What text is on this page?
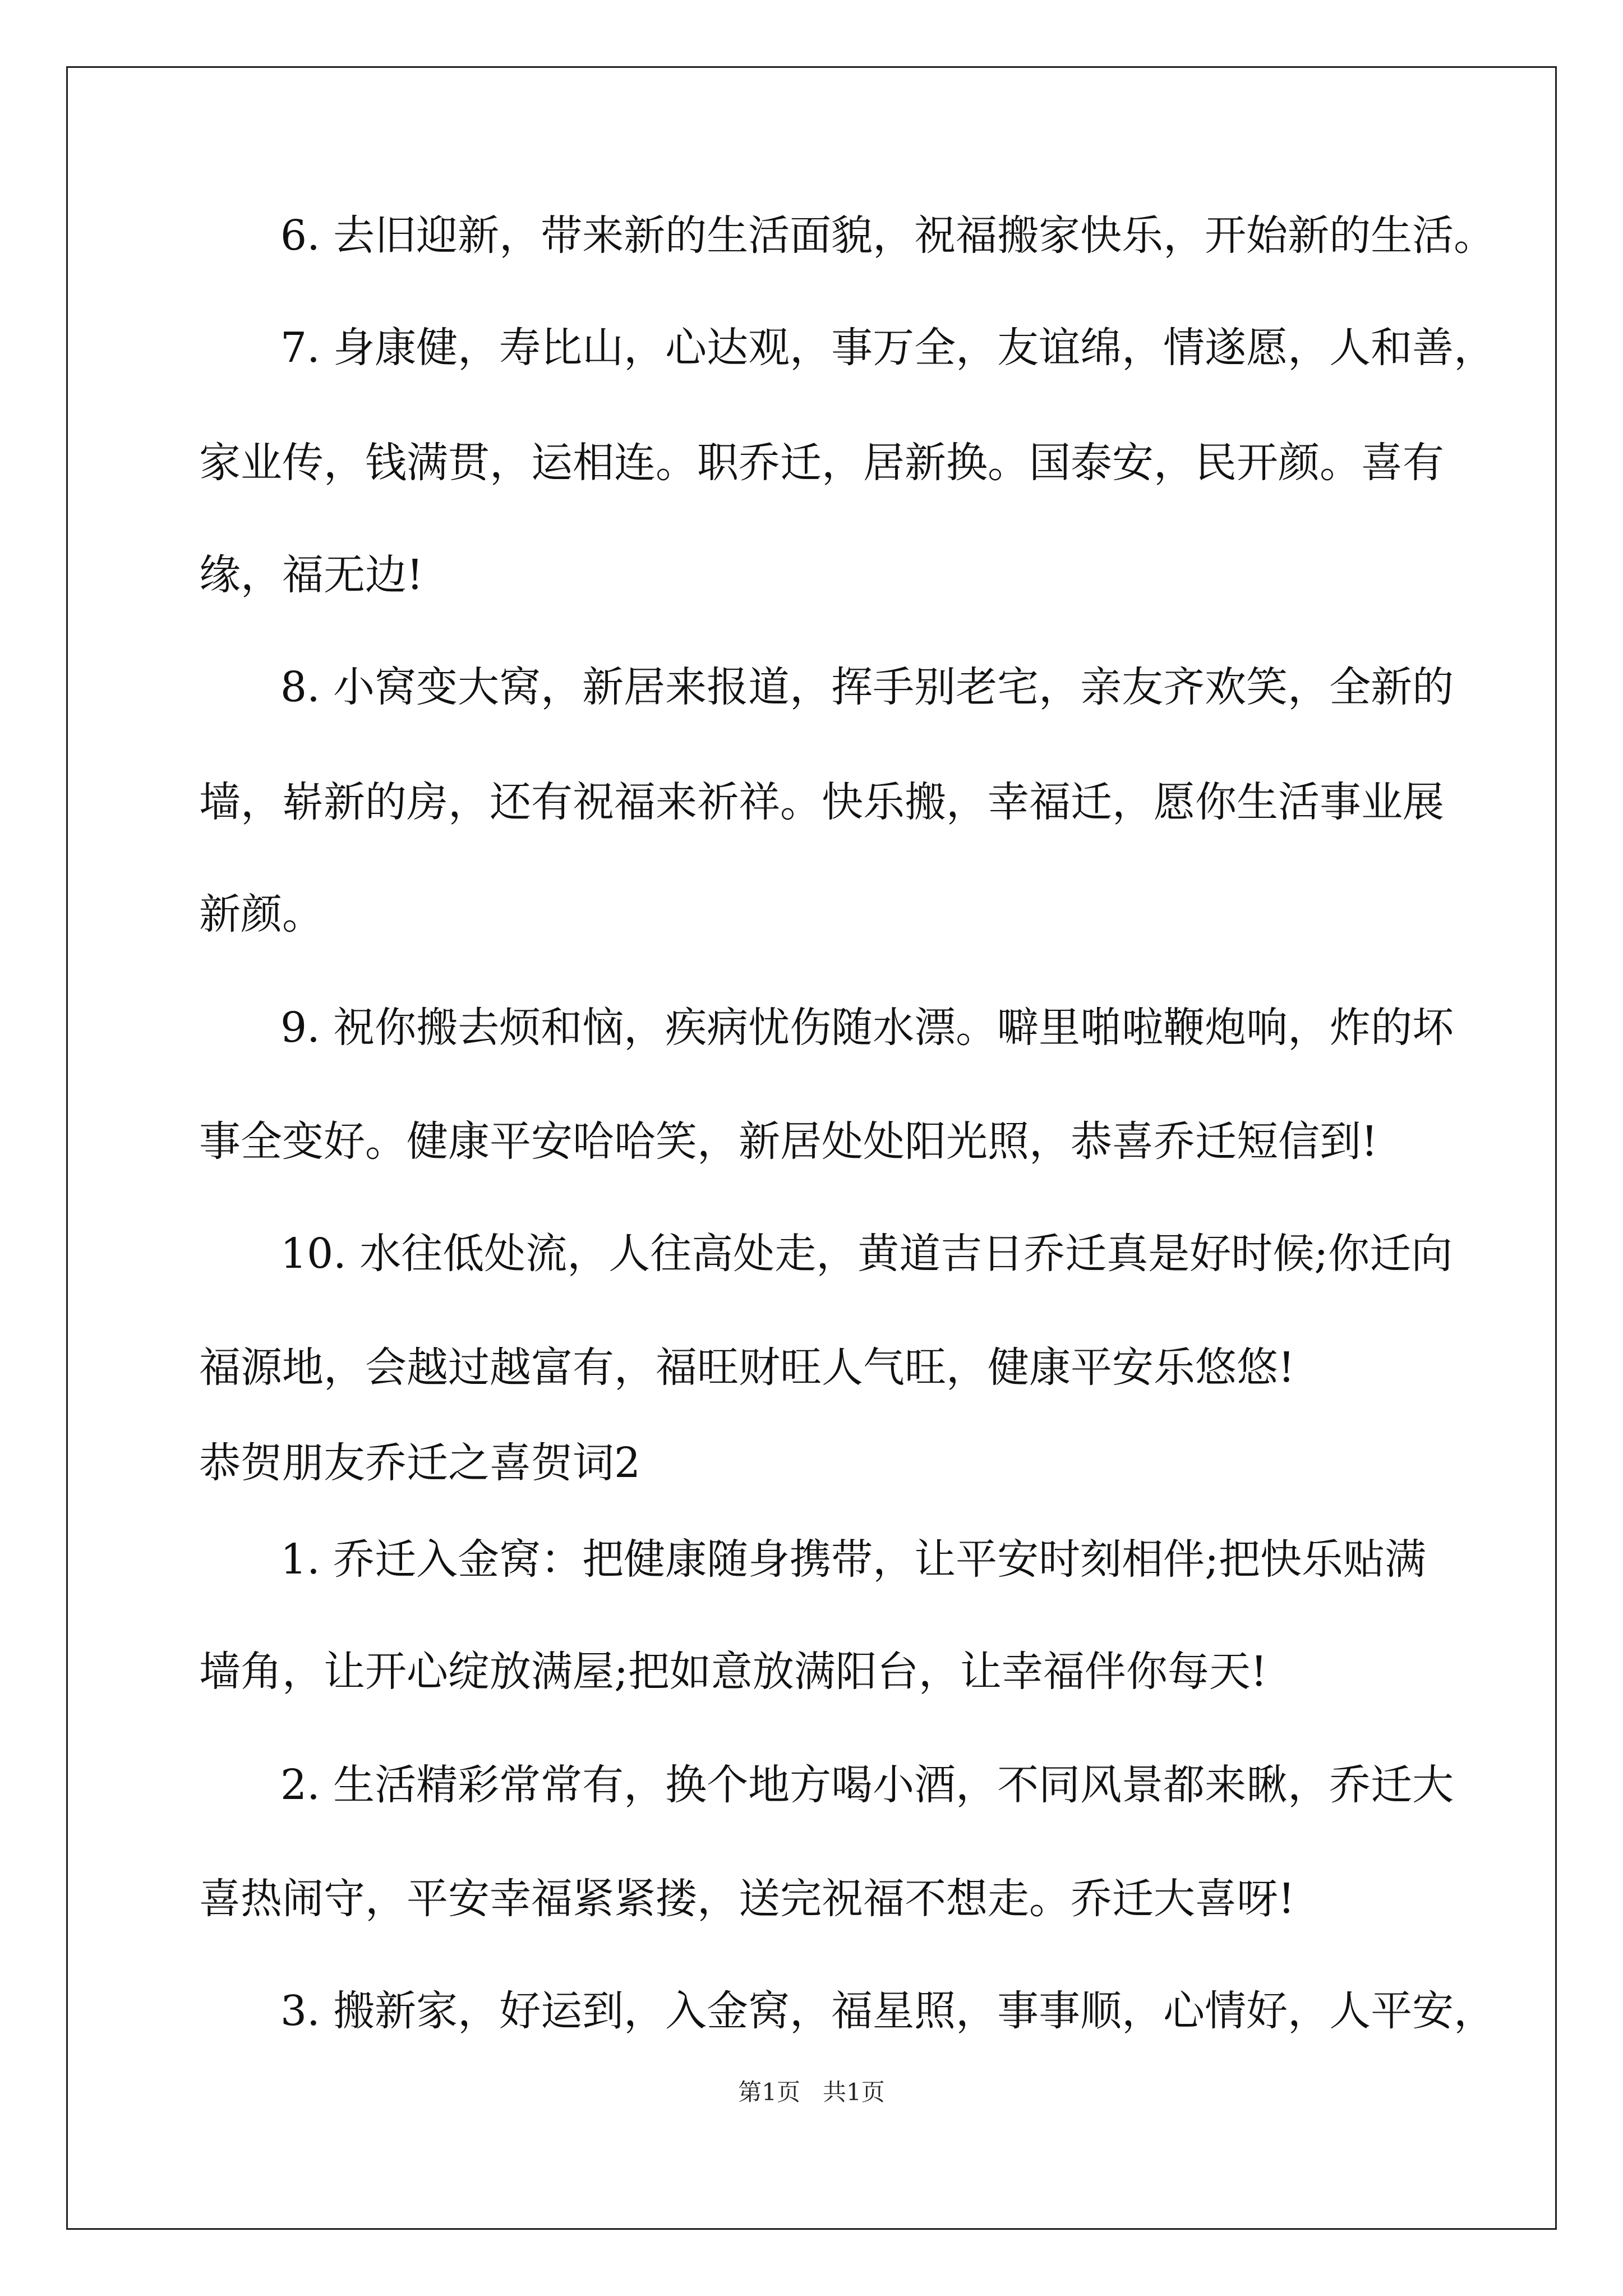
6. 去旧迎新，带来新的生活面貌，祝福搬家快乐，开始新的生活。
7. 身康健，寿比山，心达观，事万全，友谊绵，情遂愿，人和善，
家业传，钱满贯，运相连。职乔迁，居新换。国泰安，民开颜。喜有
缘，福无边!
8. 小窝变大窝，新居来报道，挥手别老宅，亲友齐欢笑，全新的
墙，崭新的房，还有祝福来祈祥。快乐搬，幸福迁，愿你生活事业展
新颜。
9. 祝你搬去烦和恼，疾病忧伤随水漂。噼里啪啦鞭炮响，炸的坏
事全变好。健康平安哈哈笑，新居处处阳光照，恭喜乔迁短信到!
10. 水往低处流，人往高处走，黄道吉日乔迁真是好时候;你迁向
福源地，会越过越富有，福旺财旺人气旺，健康平安乐悠悠!
恭贺朋友乔迁之喜贺词2
1. 乔迁入金窝：把健康随身携带，让平安时刻相伴;把快乐贴满
墙角，让开心绽放满屋;把如意放满阳台，让幸福伴你每天!
2. 生活精彩常常有，换个地方喝小酒，不同风景都来瞅，乔迁大
喜热闹守，平安幸福紧紧搂，送完祝福不想走。乔迁大喜呀!
3. 搬新家，好运到，入金窝，福星照，事事顺，心情好，人平安，
第1页   共1页
